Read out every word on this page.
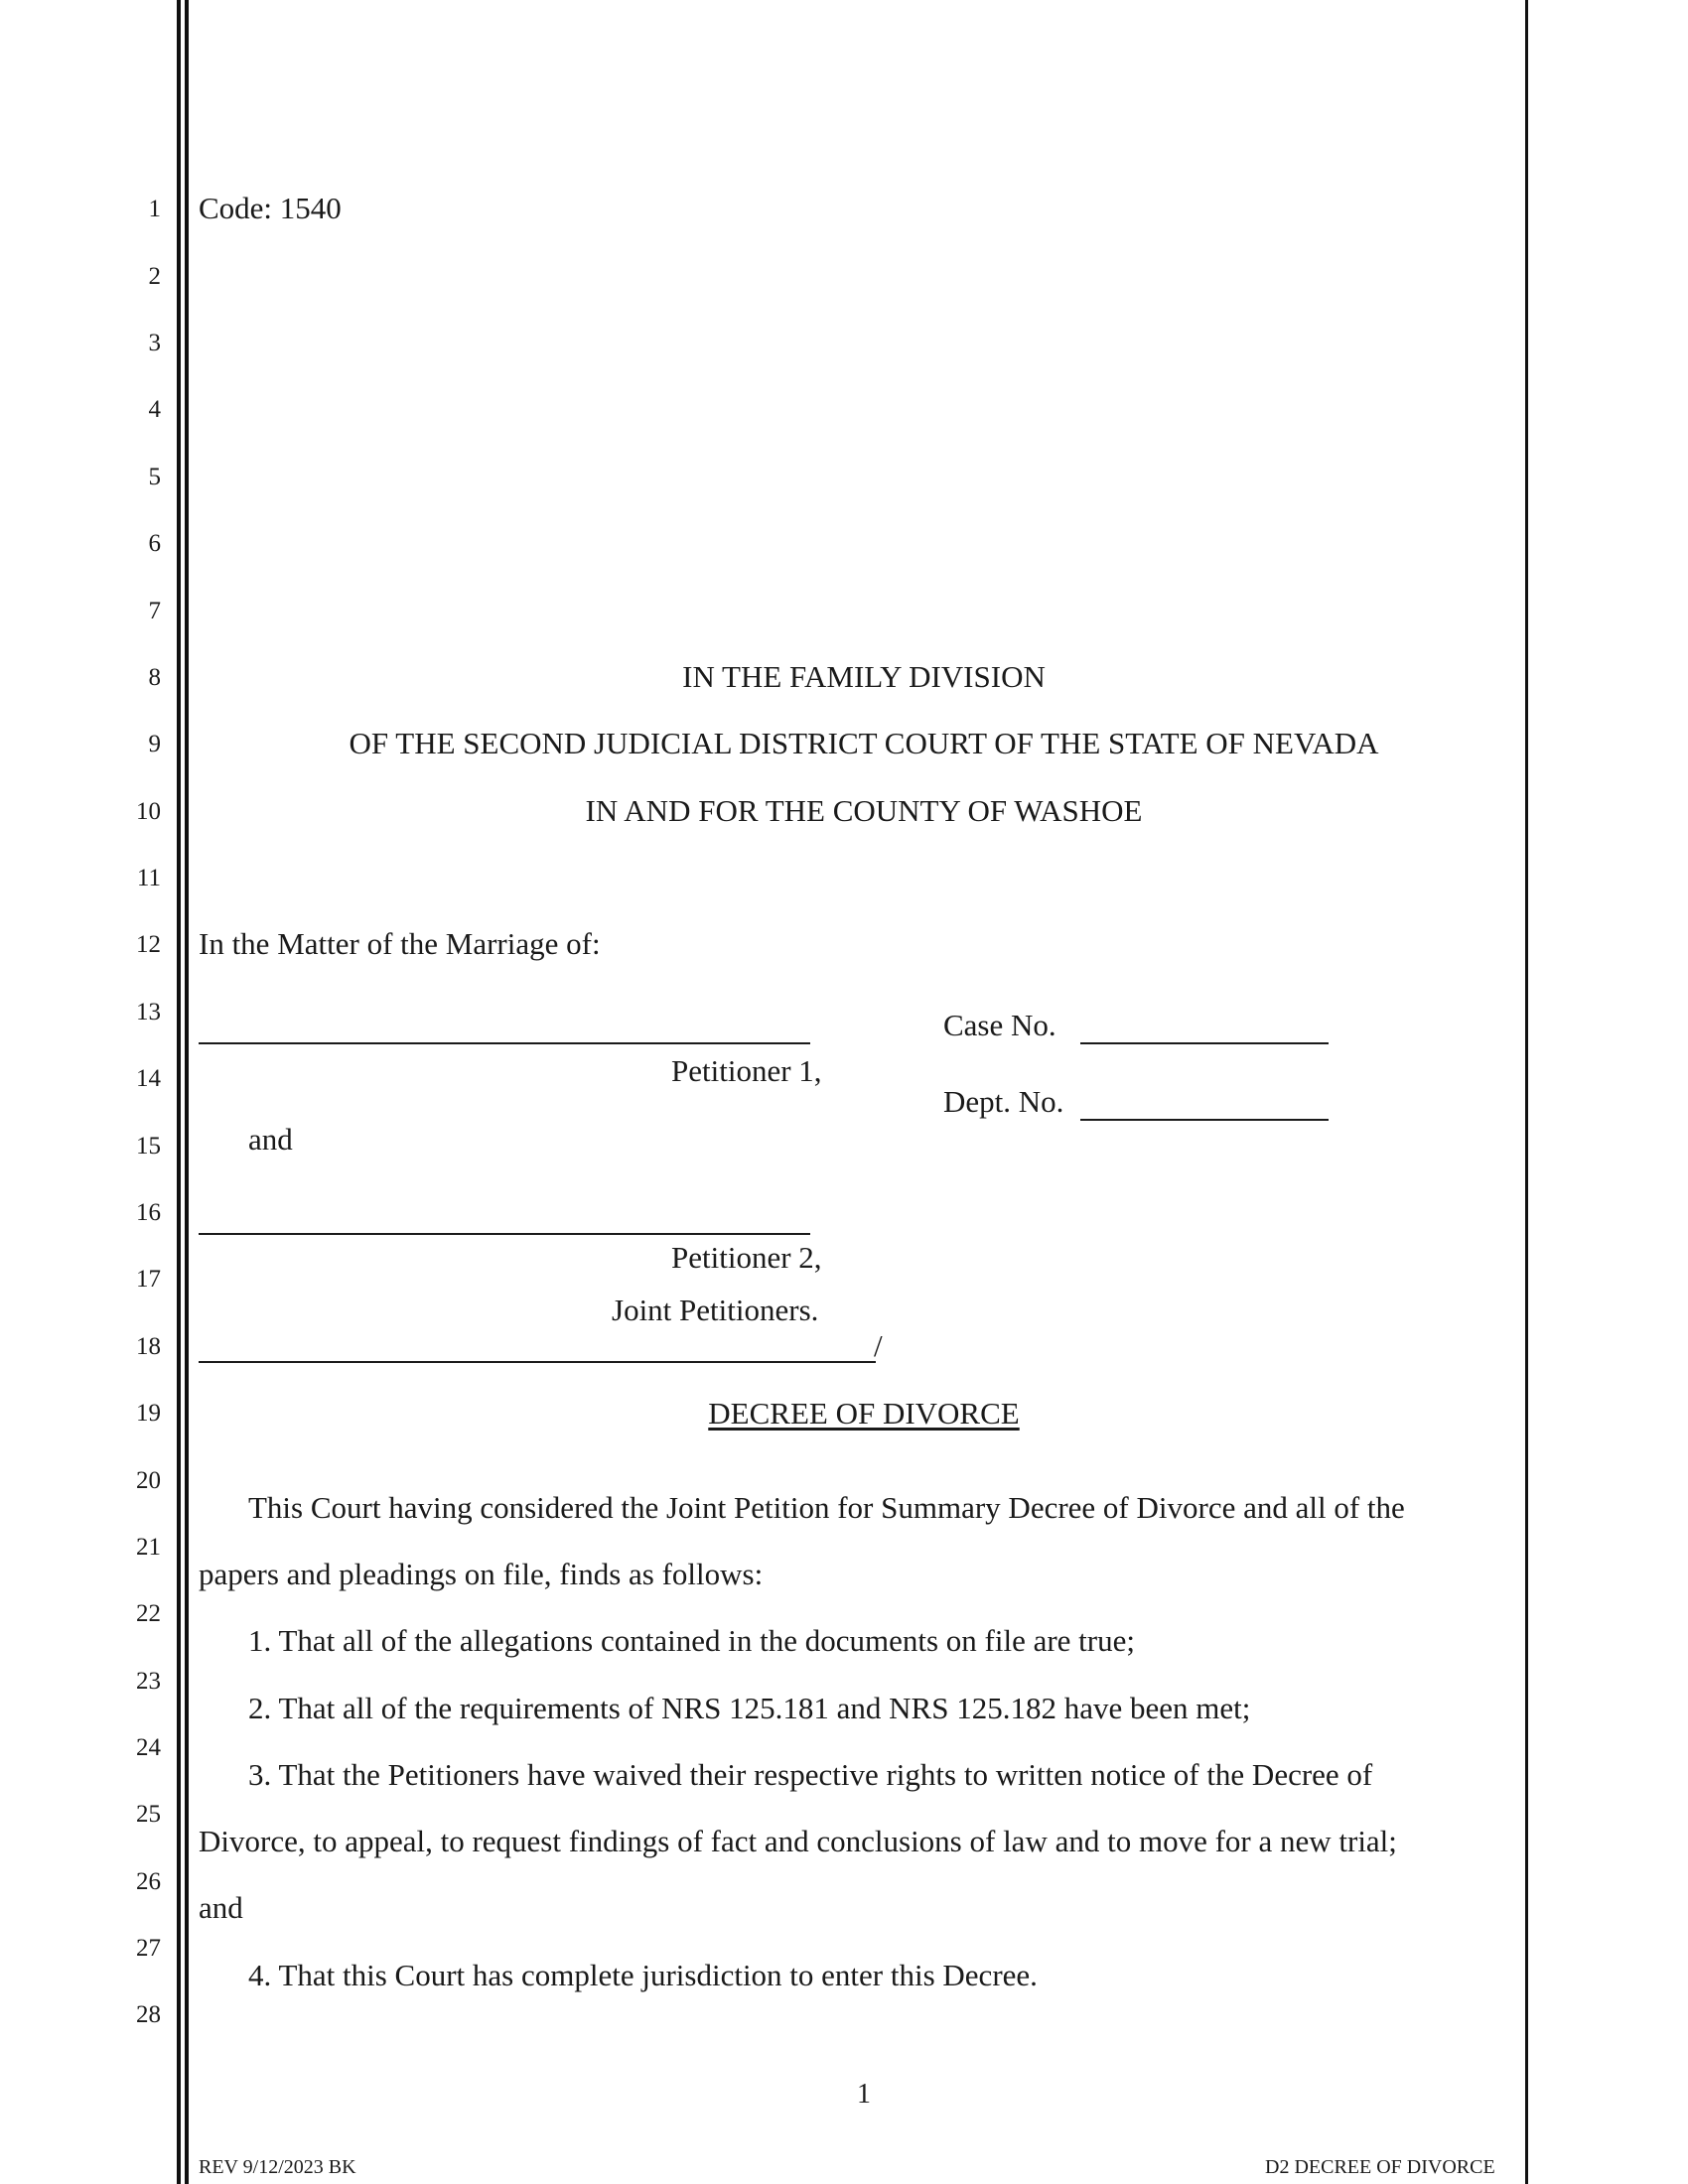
1
2
3
4
5
6
7
8
9
10
11
12
13
14
15
16
17
18
19
20
21
22
23
24
25
26
27
28
Code: 1540
IN THE FAMILY DIVISION
OF THE SECOND JUDICIAL DISTRICT COURT OF THE STATE OF NEVADA
IN AND FOR THE COUNTY OF WASHOE
In the Matter of the Marriage of:
Petitioner 1,
and
Petitioner 2,
Joint Petitioners.
/
Case No.
Dept. No.
DECREE OF DIVORCE
This Court having considered the Joint Petition for Summary Decree of Divorce and all of the
papers and pleadings on file, finds as follows:
1. That all of the allegations contained in the documents on file are true;
2. That all of the requirements of NRS 125.181 and NRS 125.182 have been met;
3. That the Petitioners have waived their respective rights to written notice of the Decree of
Divorce, to appeal, to request findings of fact and conclusions of law and to move for a new trial;
and
4. That this Court has complete jurisdiction to enter this Decree.
1
REV 9/12/2023 BK	D2 DECREE OF DIVORCE
